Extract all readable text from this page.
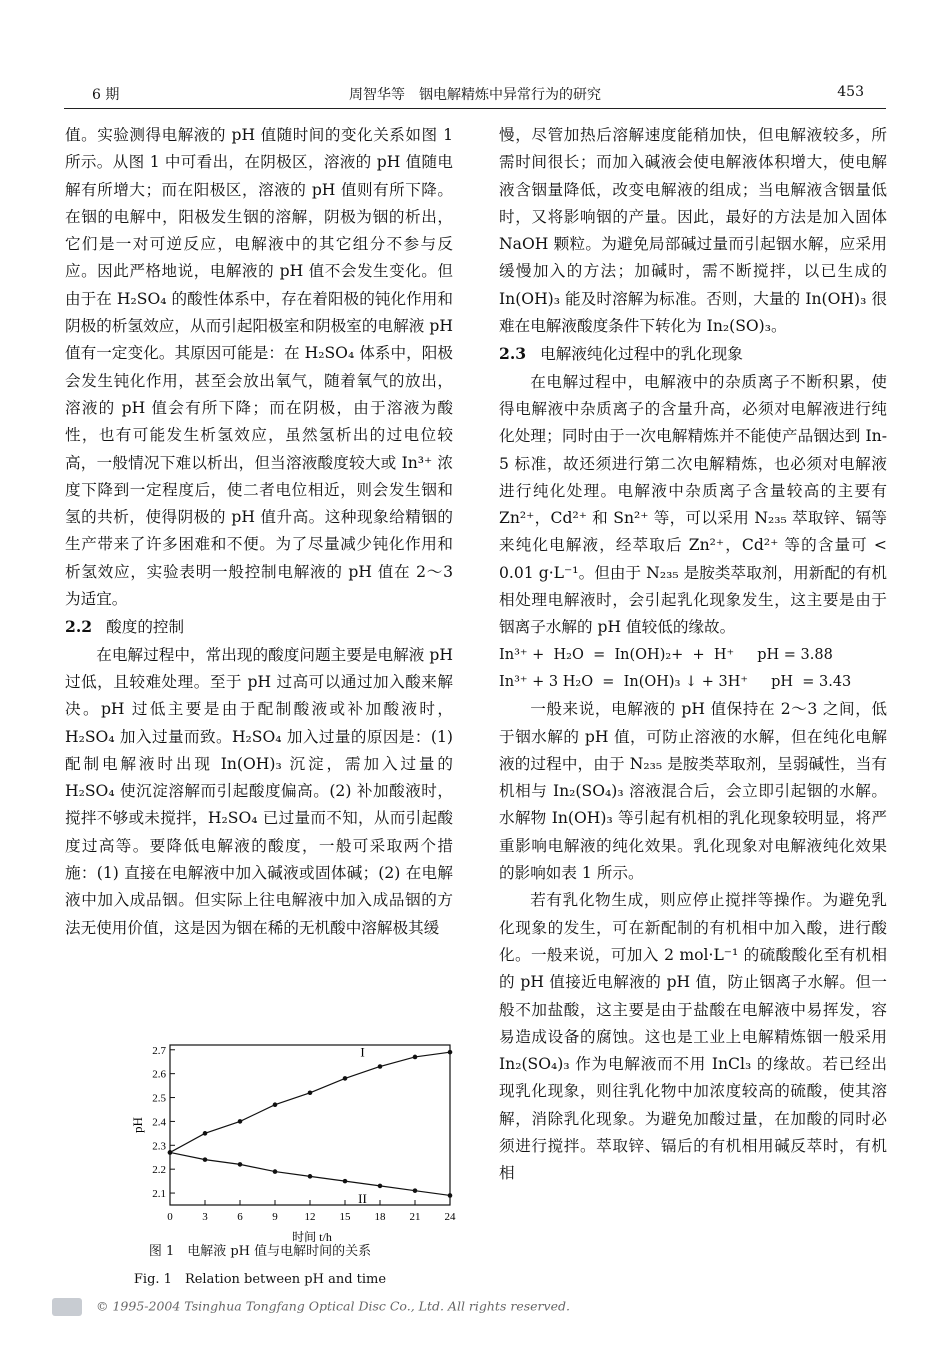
6 期	周智华等　铟电解精炼中异常行为的研究	453

值。实验测得电解液的 pH 值随时间的变化关系如图 1 所示。从图 1 中可看出，在阴极区，溶液的 pH 值随电解有所增大；而在阳极区，溶液的 pH 值则有所下降。在铟的电解中，阳极发生铟的溶解，阴极为铟的析出，它们是一对可逆反应，电解液中的其它组分不参与反应。因此严格地说，电解液的 pH 值不会发生变化。但由于在 H₂SO₄ 的酸性体系中，存在着阳极的钝化作用和阴极的析氢效应，从而引起阳极室和阴极室的电解液 pH 值有一定变化。其原因可能是：在 H₂SO₄ 体系中，阳极会发生钝化作用，甚至会放出氧气，随着氧气的放出，溶液的 pH 值会有所下降；而在阴极，由于溶液为酸性，也有可能发生析氢效应，虽然氢析出的过电位较高，一般情况下难以析出，但当溶液酸度较大或 In³⁺ 浓度下降到一定程度后，使二者电位相近，则会发生铟和氢的共析，使得阴极的 pH 值升高。这种现象给精铟的生产带来了许多困难和不便。为了尽量减少钝化作用和析氢效应，实验表明一般控制电解液的 pH 值在 2～3 为适宜。

2.2 酸度的控制

在电解过程中，常出现的酸度问题主要是电解液 pH 过低，且较难处理。至于 pH 过高可以通过加入酸来解决。pH 过低主要是由于配制酸液或补加酸液时，H₂SO₄ 加入过量而致。H₂SO₄ 加入过量的原因是：(1) 配制电解液时出现 In(OH)₃ 沉淀，需加入过量的 H₂SO₄ 使沉淀溶解而引起酸度偏高。(2) 补加酸液时，搅拌不够或未搅拌，H₂SO₄ 已过量而不知，从而引起酸度过高等。要降低电解液的酸度，一般可采取两个措施：(1) 直接在电解液中加入碱液或固体碱；(2) 在电解液中加入成品铟。但实际上往电解液中加入成品铟的方法无使用价值，这是因为铟在稀的无机酸中溶解极其缓

0	3	6	9 12 15 18 21 24
2.1
2.2
2.3
2.4
2.5
2.6
2.7	I
II
pH
时间 t/h
图 1　电解液 pH 值与电解时间的关系
Fig. 1　Relation between pH and time

慢，尽管加热后溶解速度能稍加快，但电解液较多，所需时间很长；而加入碱液会使电解液体积增大，使电解液含铟量降低，改变电解液的组成；当电解液含铟量低时，又将影响铟的产量。因此，最好的方法是加入固体 NaOH 颗粒。为避免局部碱过量而引起铟水解，应采用缓慢加入的方法；加碱时，需不断搅拌，以已生成的 In(OH)₃ 能及时溶解为标准。否则，大量的 In(OH)₃ 很难在电解液酸度条件下转化为 In₂(SO)₃。

2.3 电解液纯化过程中的乳化现象

在电解过程中，电解液中的杂质离子不断积累，使得电解液中杂质离子的含量升高，必须对电解液进行纯化处理；同时由于一次电解精炼并不能使产品铟达到 In-5 标准，故还须进行第二次电解精炼，也必须对电解液进行纯化处理。电解液中杂质离子含量较高的主要有 Zn²⁺，Cd²⁺ 和 Sn²⁺ 等，可以采用 N₂₃₅ 萃取锌、镉等来纯化电解液，经萃取后 Zn²⁺，Cd²⁺ 等的含量可 < 0.01 g·L⁻¹。但由于 N₂₃₅ 是胺类萃取剂，用新配的有机相处理电解液时，会引起乳化现象发生，这主要是由于铟离子水解的 pH 值较低的缘故。

In³⁺ +  H₂O  =  In(OH)₂+  +  H⁺     pH = 3.88

In³⁺ + 3 H₂O  =  In(OH)₃ ↓ + 3H⁺     pH  = 3.43

一般来说，电解液的 pH 值保持在 2～3 之间，低于铟水解的 pH 值，可防止溶液的水解，但在纯化电解液的过程中，由于 N₂₃₅ 是胺类萃取剂，呈弱碱性，当有机相与 In₂(SO₄)₃ 溶液混合后，会立即引起铟的水解。水解物 In(OH)₃ 等引起有机相的乳化现象较明显，将严重影响电解液的纯化效果。乳化现象对电解液纯化效果的影响如表 1 所示。

若有乳化物生成，则应停止搅拌等操作。为避免乳化现象的发生，可在新配制的有机相中加入酸，进行酸化。一般来说，可加入 2 mol·L⁻¹ 的硫酸酸化至有机相的 pH 值接近电解液的 pH 值，防止铟离子水解。但一般不加盐酸，这主要是由于盐酸在电解液中易挥发，容易造成设备的腐蚀。这也是工业上电解精炼铟一般采用 In₂(SO₄)₃ 作为电解液而不用 InCl₃ 的缘故。若已经出现乳化现象，则往乳化物中加浓度较高的硫酸，使其溶解，消除乳化现象。为避免加酸过量，在加酸的同时必须进行搅拌。萃取锌、镉后的有机相用碱反萃时，有机相

© 1995-2004 Tsinghua Tongfang Optical Disc Co., Ltd. All rights reserved.
